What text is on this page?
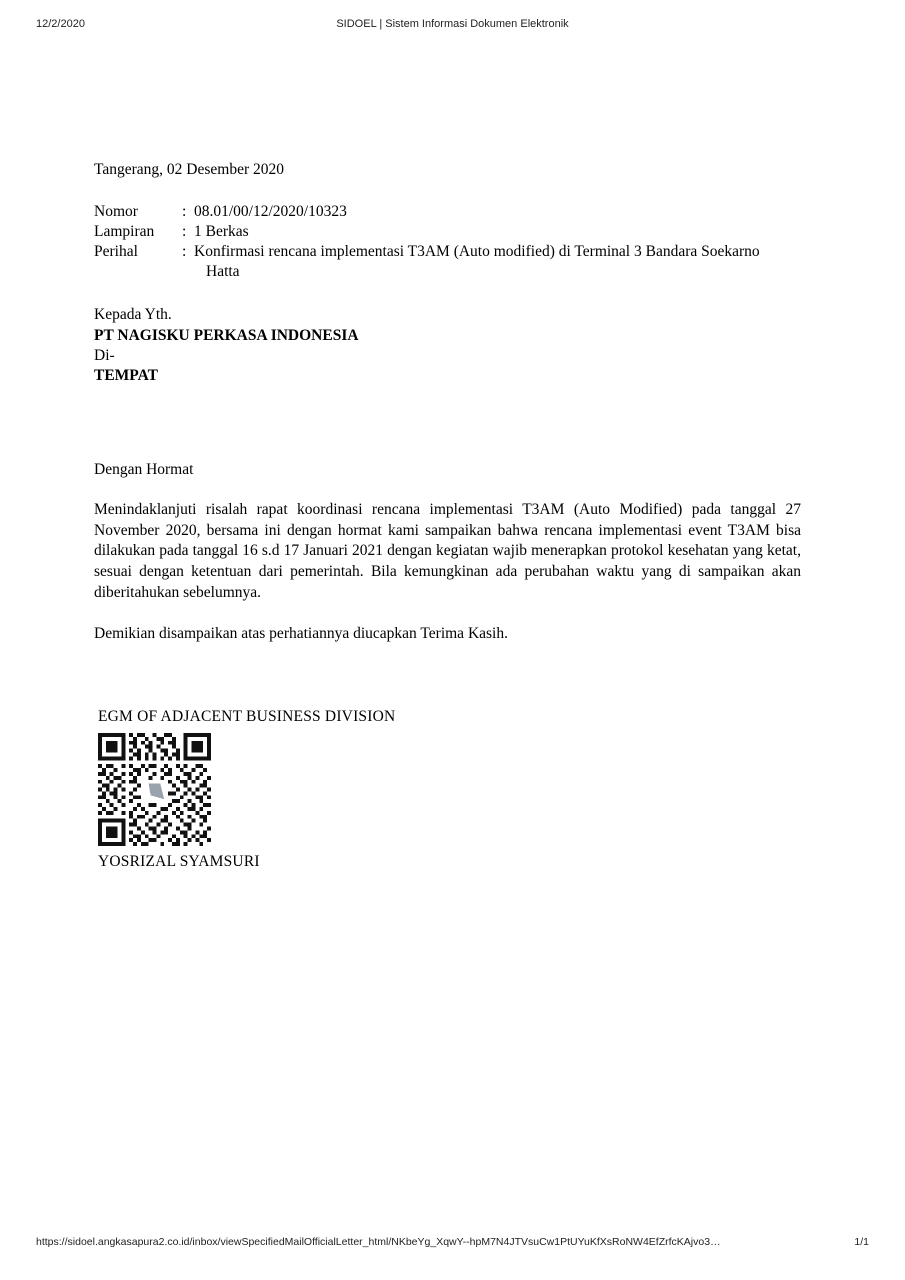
12/2/2020	SIDOEL | Sistem Informasi Dokumen Elektronik

Tangerang, 02 Desember 2020

Nomor	:	08.01/00/12/2020/10323
Lampiran	:	1 Berkas
Perihal	:	Konfirmasi rencana implementasi T3AM (Auto modified) di Terminal 3 Bandara Soekarno
Hatta
Kepada Yth.
PT NAGISKU PERKASA INDONESIA
Di-
TEMPAT

Dengan Hormat

Menindaklanjuti risalah rapat koordinasi rencana implementasi T3AM (Auto Modified) pada tanggal 27 November 2020, bersama ini dengan hormat kami sampaikan bahwa rencana implementasi event T3AM bisa dilakukan pada tanggal 16 s.d 17 Januari 2021 dengan kegiatan wajib menerapkan protokol kesehatan yang ketat, sesuai dengan ketentuan dari pemerintah. Bila kemungkinan ada perubahan waktu yang di sampaikan akan diberitahukan sebelumnya.

Demikian disampaikan atas perhatiannya diucapkan Terima Kasih.

EGM OF ADJACENT BUSINESS DIVISION
YOSRIZAL SYAMSURI
https://sidoel.angkasapura2.co.id/inbox/viewSpecifiedMailOfficialLetter_html/NKbeYg_XqwY--hpM7N4JTVsuCw1PtUYuKfXsRoNW4EfZrfcKAjvo3…	1/1
